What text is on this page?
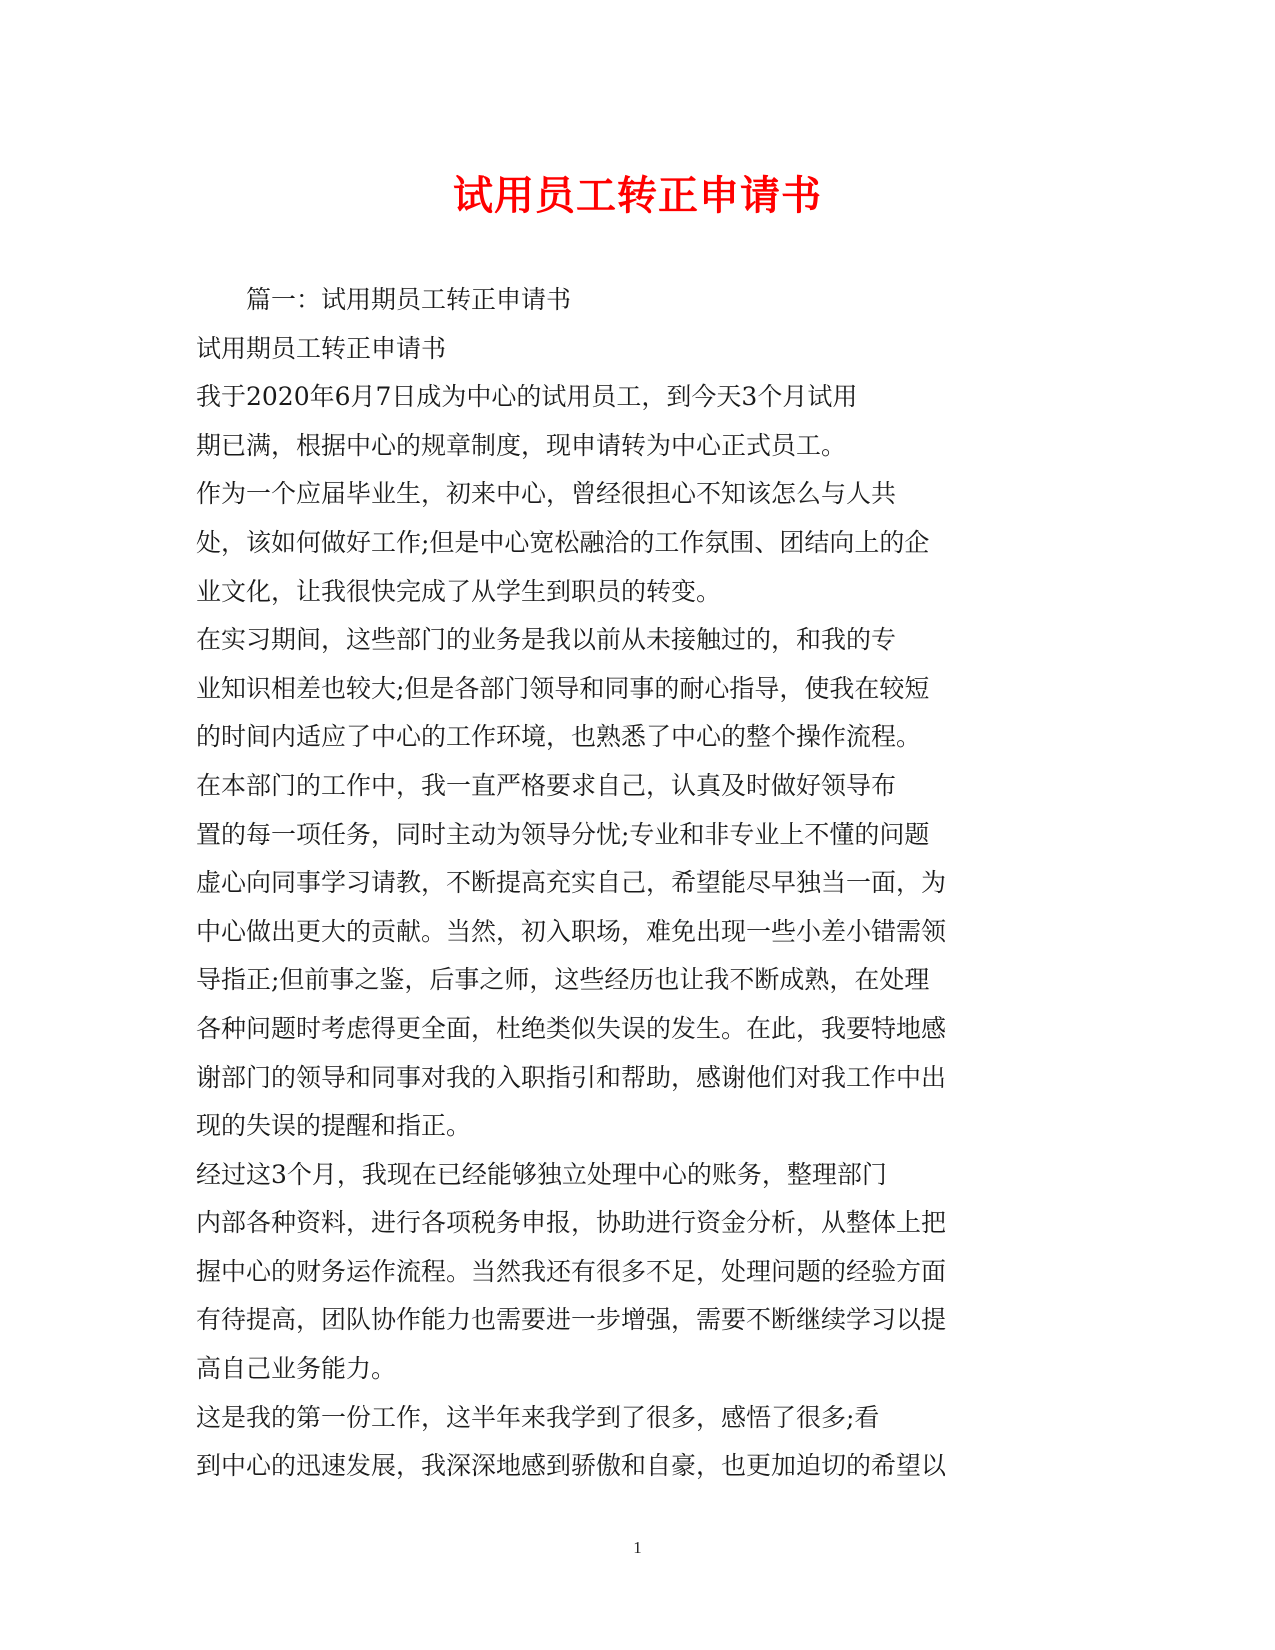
试用员工转正申请书
篇一：试用期员工转正申请书
试用期员工转正申请书
我于2020年6月7日成为中心的试用员工，到今天3个月试用
期已满，根据中心的规章制度，现申请转为中心正式员工。
作为一个应届毕业生，初来中心，曾经很担心不知该怎么与人共
处，该如何做好工作;但是中心宽松融洽的工作氛围、团结向上的企
业文化，让我很快完成了从学生到职员的转变。
在实习期间，这些部门的业务是我以前从未接触过的，和我的专
业知识相差也较大;但是各部门领导和同事的耐心指导，使我在较短
的时间内适应了中心的工作环境，也熟悉了中心的整个操作流程。
在本部门的工作中，我一直严格要求自己，认真及时做好领导布
置的每一项任务，同时主动为领导分忧;专业和非专业上不懂的问题
虚心向同事学习请教，不断提高充实自己，希望能尽早独当一面，为
中心做出更大的贡献。当然，初入职场，难免出现一些小差小错需领
导指正;但前事之鉴，后事之师，这些经历也让我不断成熟，在处理
各种问题时考虑得更全面，杜绝类似失误的发生。在此，我要特地感
谢部门的领导和同事对我的入职指引和帮助，感谢他们对我工作中出
现的失误的提醒和指正。
经过这3个月，我现在已经能够独立处理中心的账务，整理部门
内部各种资料，进行各项税务申报，协助进行资金分析，从整体上把
握中心的财务运作流程。当然我还有很多不足，处理问题的经验方面
有待提高，团队协作能力也需要进一步增强，需要不断继续学习以提
高自己业务能力。
这是我的第一份工作，这半年来我学到了很多，感悟了很多;看
到中心的迅速发展，我深深地感到骄傲和自豪，也更加迫切的希望以
1
